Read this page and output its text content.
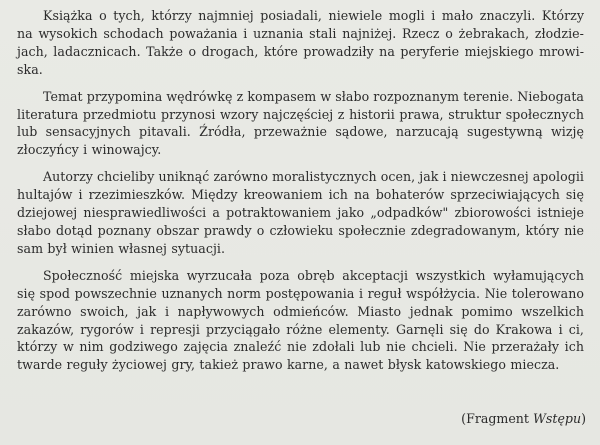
Książka o tych, którzy najmniej posiadali, niewiele mogli i mało znaczyli. Którzy
na wysokich schodach poważania i uznania stali najniżej. Rzecz o żebrakach, złodzie-
jach, ladacznicach. Także o drogach, które prowadziły na peryferie miejskiego mrowi-
ska.

Temat przypomina wędrówkę z kompasem w słabo rozpoznanym terenie. Niebogata
literatura przedmiotu przynosi wzory najczęściej z historii prawa, struktur społecznych
lub sensacyjnych pitavali. Źródła, przeważnie sądowe, narzucają sugestywną wizję
złoczyńcy i winowajcy.

Autorzy chcieliby uniknąć zarówno moralistycznych ocen, jak i niewczesnej apologii
hultajów i rzezimieszków. Między kreowaniem ich na bohaterów sprzeciwiających się
dziejowej niesprawiedliwości a potraktowaniem jako „odpadków" zbiorowości istnieje
słabo dotąd poznany obszar prawdy o człowieku społecznie zdegradowanym, który nie
sam był winien własnej sytuacji.

Społeczność miejska wyrzucała poza obręb akceptacji wszystkich wyłamujących
się spod powszechnie uznanych norm postępowania i reguł współżycia. Nie tolerowano
zarówno swoich, jak i napływowych odmieńców. Miasto jednak pomimo wszelkich
zakazów, rygorów i represji przyciągało różne elementy. Garnęli się do Krakowa i ci,
którzy w nim godziwego zajęcia znaleźć nie zdołali lub nie chcieli. Nie przerażały ich
twarde reguły życiowej gry, takież prawo karne, a nawet błysk katowskiego miecza.

(Fragment Wstępu)
